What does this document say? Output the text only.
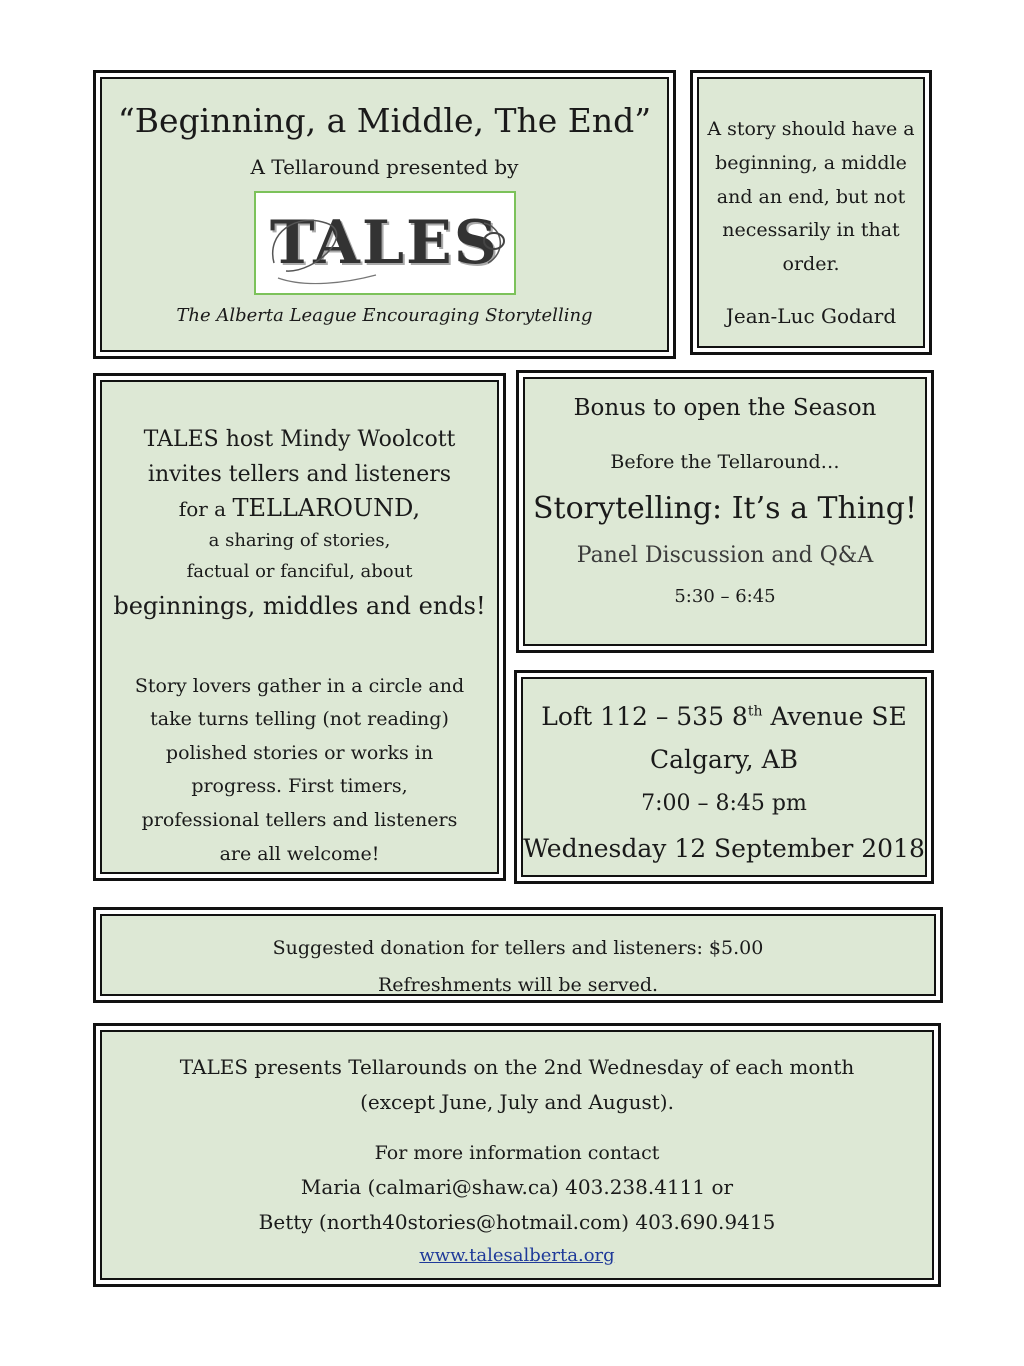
“Beginning, a Middle, The End”
A Tellaround presented by
TALES
The Alberta League Encouraging Storytelling
A story should have a beginning, a middle and an end, but not necessarily in that order.
Jean-Luc Godard
TALES host Mindy Woolcott
invites tellers and listeners
for a TELLAROUND,
a sharing of stories,
factual or fanciful, about
beginnings, middles and ends!
Story lovers gather in a circle and take turns telling (not reading) polished stories or works in progress. First timers, professional tellers and listeners are all welcome!
Bonus to open the Season
Before the Tellaround…
Storytelling: It’s a Thing!
Panel Discussion and Q&A
5:30 – 6:45
Loft 112 – 535 8th Avenue SE
Calgary, AB
7:00 – 8:45 pm
Wednesday 12 September 2018
Suggested donation for tellers and listeners: $5.00
Refreshments will be served.
TALES presents Tellarounds on the 2nd Wednesday of each month
(except June, July and August).
For more information contact
Maria (calmari@shaw.ca) 403.238.4111 or
Betty (north40stories@hotmail.com) 403.690.9415
www.talesalberta.org
